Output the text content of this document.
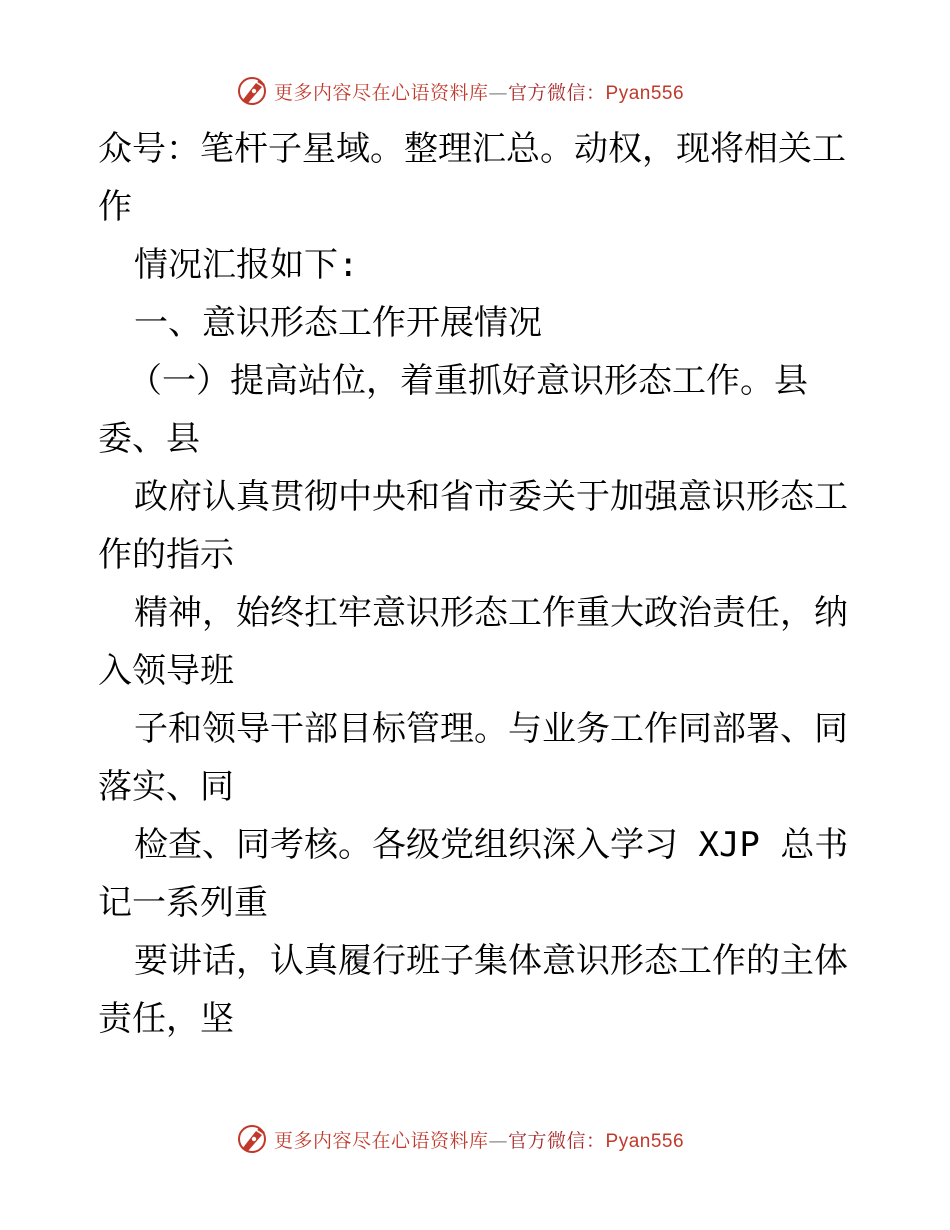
更多内容尽在心语资料库—官方微信：Pyan556
众号：笔杆子星域。整理汇总。动权，现将相关工
作
情况汇报如下:
一、意识形态工作开展情况
（一）提高站位，着重抓好意识形态工作。县
委、县
政府认真贯彻中央和省市委关于加强意识形态工
作的指示
精神，始终扛牢意识形态工作重大政治责任，纳
入领导班
子和领导干部目标管理。与业务工作同部署、同
落实、同
检查、同考核。各级党组织深入学习 XJP 总书
记一系列重
要讲话，认真履行班子集体意识形态工作的主体
责任，坚
更多内容尽在心语资料库—官方微信：Pyan556
